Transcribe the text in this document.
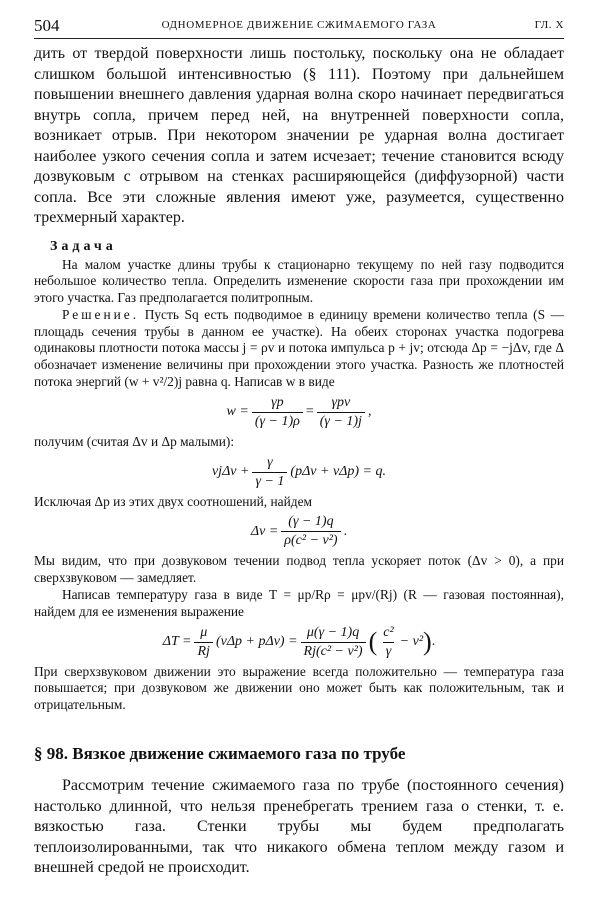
504	ОДНОМЕРНОЕ ДВИЖЕНИЕ СЖИМАЕМОГО ГАЗА	ГЛ. X

дить от твердой поверхности лишь постольку, поскольку она не обладает слишком большой интенсивностью (§ 111). Поэтому при дальнейшем повышении внешнего давления ударная волна скоро начинает передвигаться внутрь сопла, причем перед ней, на внутренней поверхности сопла, возникает отрыв. При некотором значении pe ударная волна достигает наиболее узкого сечения сопла и затем исчезает; течение становится всюду дозвуковым с отрывом на стенках расширяющейся (диффузорной) части сопла. Все эти сложные явления имеют уже, разумеется, существенно трехмерный характер.

Задача

На малом участке длины трубы к стационарно текущему по ней газу подводится небольшое количество тепла. Определить изменение скорости газа при прохождении им этого участка. Газ предполагается политропным.

Решение. Пусть Sq есть подводимое в единицу времени количество тепла (S — площадь сечения трубы в данном ее участке). На обеих сторонах участка подогрева одинаковы плотности потока массы j = ρv и потока импульса p + jv; отсюда Δp = −jΔv, где Δ обозначает изменение величины при прохождении этого участка. Разность же плотностей потока энергий (w + v²/2)j равна q. Написав w в виде

$w = \frac{\gamma p}{(\gamma - 1)\rho} = \frac{\text{γpv}}{(\gamma - 1)j}$ ,

получим (считая Δv и Δp малыми):

$vj\Delta v + \frac{\gamma}{\gamma - 1} (p\Delta v + v\Delta p) = q$.

Исключая Δp из этих двух соотношений, найдем

$\Delta v = \frac{(\gamma - 1)q}{\text{ρ(c² − v²)}}$ .

Мы видим, что при дозвуковом течении подвод тепла ускоряет поток (Δv > 0), а при сверхзвуковом — замедляет.

Написав температуру газа в виде T = μp/Rρ = μpv/(Rj) (R — газовая постоянная), найдем для ее изменения выражение

$\Delta T = \frac{\mu}{Rj} (v\Delta p + p\Delta v) = \frac{\mu(\gamma - 1)q}{\text{Rj(c² − v²)}}$ ( $\frac{\text{c²}}{\gamma} - v^2$ ) .

При сверхзвуковом движении это выражение всегда положительно — температура газа повышается; при дозвуковом же движении оно может быть как положительным, так и отрицательным.

§ 98. Вязкое движение сжимаемого газа по трубе

Рассмотрим течение сжимаемого газа по трубе (постоянного сечения) настолько длинной, что нельзя пренебрегать трением газа о стенки, т. е. вязкостью газа. Стенки трубы мы будем предполагать теплоизолированными, так что никакого обмена теплом между газом и внешней средой не происходит.
